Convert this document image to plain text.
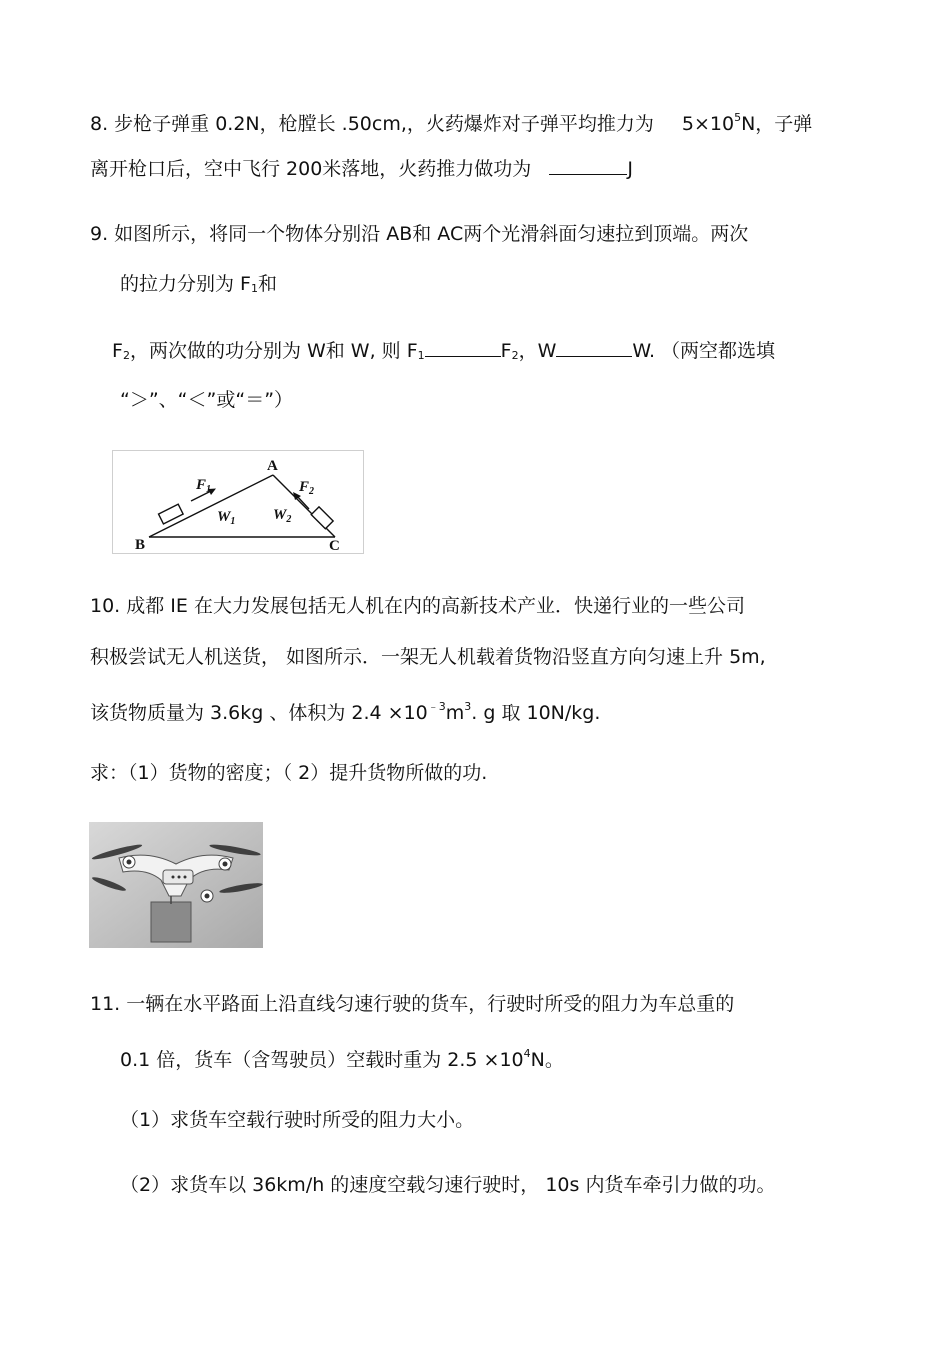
8. 步枪子弹重 0.2N，枪膛长 .50cm,，火药爆炸对子弹平均推力为 $5\times 10^5N$，子弹
离开枪口后，空中飞行 200米落地，火药推力做功为	J
9. 如图所示，将同一个物体分别沿 AB和 AC两个光滑斜面匀速拉到顶端。两次
的拉力分别为 F1和
F2，两次做的功分别为 W和 W, 则 F1	F2，W	W. （两空都选填
“＞”、“＜”或“＝”）
A
B	C
$F_1$	$F_2$
$W_1$	$W_2$
10. 成都 IE 在大力发展包括无人机在内的高新技术产业．快递行业的一些公司
积极尝试无人机送货， 如图所示．一架无人机载着货物沿竖直方向匀速上升 5m,
该货物质量为 3.6kg 、体积为 $2.4 \times 10^{﹣3}m^3$. g 取 10N/kg.
求：（1）货物的密度；（ 2）提升货物所做的功.
11. 一辆在水平路面上沿直线匀速行驶的货车，行驶时所受的阻力为车总重的
0.1 倍，货车（含驾驶员）空载时重为 $2.5 \times 10^4N$。
（1）求货车空载行驶时所受的阻力大小。
（2）求货车以 36km/h 的速度空载匀速行驶时， 10s 内货车牵引力做的功。
